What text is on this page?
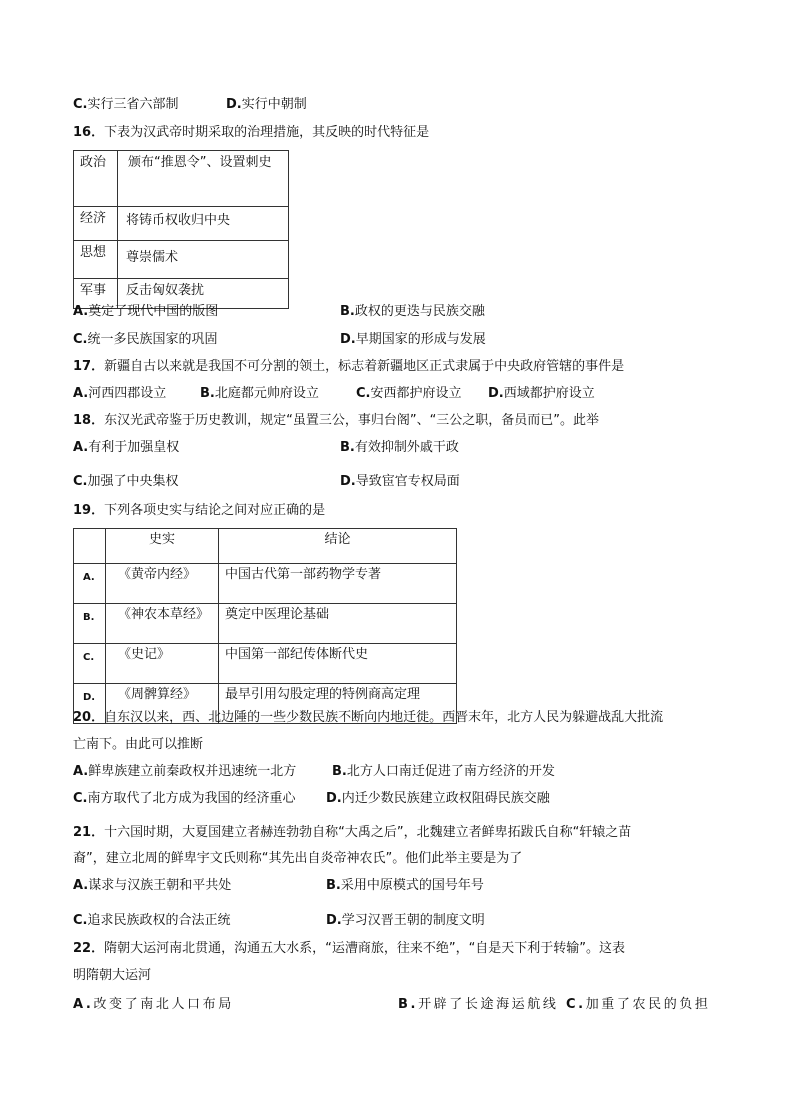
C.实行三省六部制	D.实行中朝制
16．下表为汉武帝时期采取的治理措施，其反映的时代特征是
政治	颁布“推恩令”、设置刺史

经济	将铸币权收归中央
思想	尊崇儒术
军事	反击匈奴袭扰
A.奠定了现代中国的版图	B.政权的更迭与民族交融
C.统一多民族国家的巩固	D.早期国家的形成与发展
17．新疆自古以来就是我国不可分割的领土，标志着新疆地区正式隶属于中央政府管辖的事件是
A.河西四郡设立	B.北庭都元帅府设立	C.安西都护府设立 D.西域都护府设立
18．东汉光武帝鉴于历史教训，规定“虽置三公，事归台阁”、“三公之职，备员而已”。此举
A.有利于加强皇权	B.有效抑制外戚干政
C.加强了中央集权	D.导致宦官专权局面
19．下列各项史实与结论之间对应正确的是
	史实	结论
A.	《黄帝内经》	中国古代第一部药物学专著
B.	《神农本草经》	奠定中医理论基础
C.	《史记》	中国第一部纪传体断代史
D.	《周髀算经》	最早引用勾股定理的特例商高定理
20．自东汉以来，西、北边陲的一些少数民族不断向内地迁徙。西晋末年，北方人民为躲避战乱大批流
亡南下。由此可以推断
A.鲜卑族建立前秦政权并迅速统一北方	B.北方人口南迁促进了南方经济的开发
C.南方取代了北方成为我国的经济重心 D.内迁少数民族建立政权阻碍民族交融
21．十六国时期，大夏国建立者赫连勃勃自称“大禹之后”，北魏建立者鲜卑拓跋氏自称“轩辕之苗
裔”，建立北周的鲜卑宇文氏则称“其先出自炎帝神农氏”。他们此举主要是为了
A.谋求与汉族王朝和平共处	B.采用中原模式的国号年号
C.追求民族政权的合法正统	D.学习汉晋王朝的制度文明
22．隋朝大运河南北贯通，沟通五大水系，“运漕商旅，往来不绝”，“自是天下利于转输”。这表
明隋朝大运河
A.改变了南北人口布局	B.开辟了长途海运航线 C.加重了农民的负担
